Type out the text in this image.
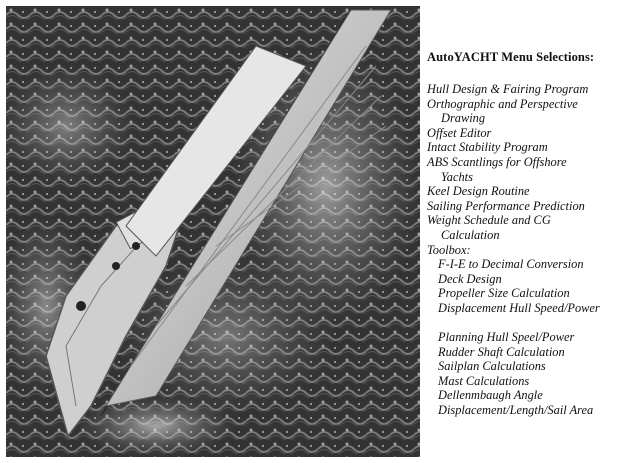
AutoYACHT Menu Selections:
Hull Design & Fairing Program
Orthographic and Perspective
Drawing
Offset Editor
Intact Stability Program
ABS Scantlings for Offshore
Yachts
Keel Design Routine
Sailing Performance Prediction
Weight Schedule and CG
Calculation
Toolbox:
F-I-E to Decimal Conversion
Deck Design
Propeller Size Calculation
Displacement Hull Speed/Power
Planning Hull Speel/Power
Rudder Shaft Calculation
Sailplan Calculations
Mast Calculations
Dellenmbaugh Angle
Displacement/Length/Sail Area
